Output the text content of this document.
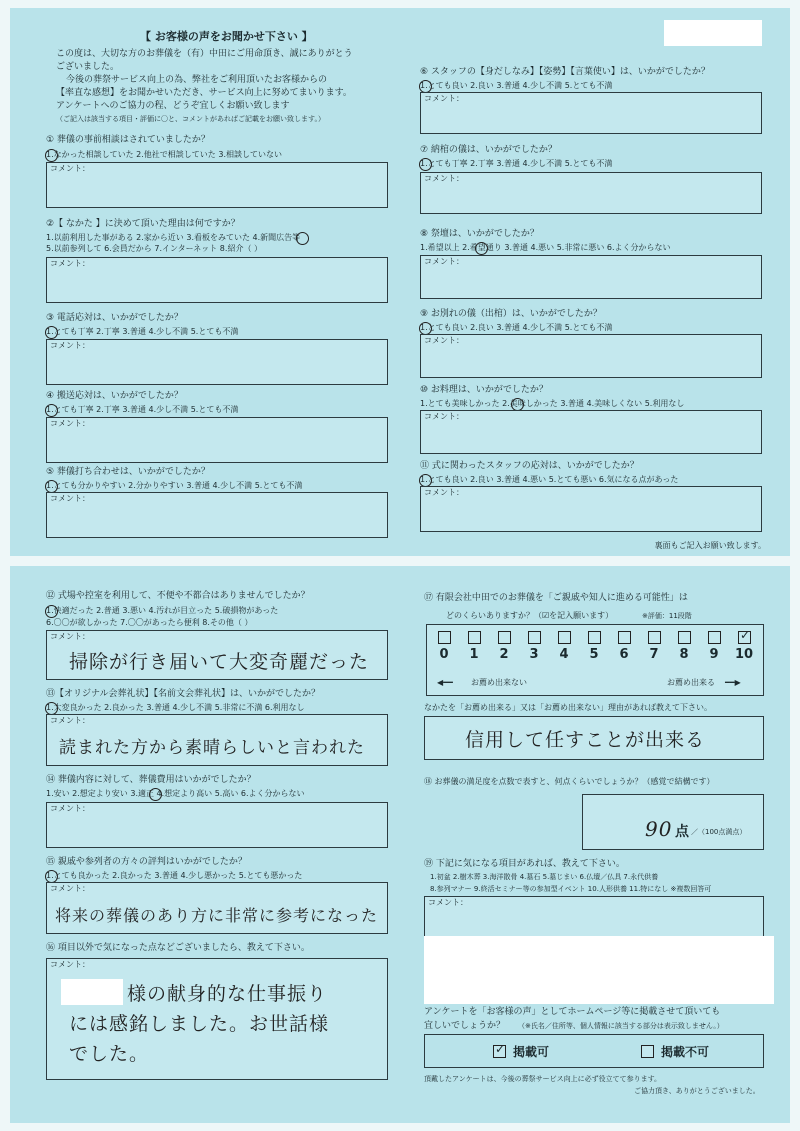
【 お客様の声をお聞かせ下さい 】
この度は、大切な方のお葬儀を（有）中田にご用命頂き、誠にありがとう
ございました。
今後の葬祭サービス向上の為、弊社をご利用頂いたお客様からの
【率直な感想】をお聞かせいただき、サービス向上に努めてまいります。
アンケートへのご協力の程、どうぞ宜しくお願い致します
（ご記入は該当する項目・評価に〇と、コメントがあればご記載をお願い致します。）
① 葬儀の事前相談はされていましたか？
1.なかった相談していた 2.他社で相談していた 3.相談していない
コメント：
②【 なかた 】に決めて頂いた理由は何ですか？
1.以前利用した事がある 2.家から近い 3.看板をみていた 4.新聞広告等
5.以前参列して 6.会員だから 7.インターネット 8.紹介（ ）
コメント：
③ 電話応対は、いかがでしたか？
1.とても丁寧 2.丁寧 3.普通 4.少し不満 5.とても不満
コメント：
④ 搬送応対は、いかがでしたか？
1.とても丁寧 2.丁寧 3.普通 4.少し不満 5.とても不満
コメント：
⑤ 葬儀打ち合わせは、いかがでしたか？
1.とても分かりやすい 2.分かりやすい 3.普通 4.少し不満 5.とても不満
コメント：
⑥ スタッフの【身だしなみ】【姿勢】【言葉使い】は、いかがでしたか？
1.とても良い 2.良い 3.普通 4.少し不満 5.とても不満
コメント：
⑦ 納棺の儀は、いかがでしたか？
1.とても丁寧 2.丁寧 3.普通 4.少し不満 5.とても不満
コメント：
⑧ 祭壇は、いかがでしたか？
1.希望以上 2.希望通り 3.普通 4.悪い 5.非常に悪い 6.よく分からない
コメント：
⑨ お別れの儀（出棺）は、いかがでしたか？
1.とても良い 2.良い 3.普通 4.少し不満 5.とても不満
コメント：
⑩ お料理は、いかがでしたか？
1.とても美味しかった 2.美味しかった 3.普通 4.美味しくない 5.利用なし
コメント：
⑪ 式に関わったスタッフの応対は、いかがでしたか？
1.とても良い 2.良い 3.普通 4.悪い 5.とても悪い 6.気になる点があった
コメント：
裏面もご記入お願い致します。
⑫ 式場や控室を利用して、不便や不都合はありませんでしたか？
1.快適だった 2.普通 3.悪い 4.汚れが目立った 5.破損物があった
6.〇〇が欲しかった 7.〇〇があったら便利 8.その他（ ）
コメント：
掃除が行き届いて大変奇麗だった
⑬【オリジナル会葬礼状】【名前文会葬礼状】は、いかがでしたか？
1.大変良かった 2.良かった 3.普通 4.少し不満 5.非常に不満 6.利用なし
コメント：
読まれた方から素晴らしいと言われた
⑭ 葬儀内容に対して、葬儀費用はいかがでしたか？
1.安い 2.想定より安い 3.適正 4.想定より高い 5.高い 6.よく分からない
コメント：
⑮ 親戚や参列者の方々の評判はいかがでしたか？
1.とても良かった 2.良かった 3.普通 4.少し悪かった 5.とても悪かった
コメント：
将来の葬儀のあり方に非常に参考になった
⑯ 項目以外で気になった点などございましたら、教えて下さい。
コメント：
様の献身的な仕事振り
には感銘しました。お世話様
でした。
⑰ 有限会社中田でのお葬儀を「ご親戚や知人に進める可能性」は
どのくらいありますか？（☑を記入願います）	※評価：11段階
0	1	2	3	4	5	6	7	8	9
✓
10
◀━━ お薦め出来ない	お薦め出来る ━━▶
なかたを「お薦め出来る」又は「お薦め出来ない」理由があれば教えて下さい。
信用して任すことが出来る
⑱ お葬儀の満足度を点数で表すと、何点くらいでしょうか？（感覚で結構です）
90 点 ／（100点満点）
⑲ 下記に気になる項目があれば、教えて下さい。
1.初盆 2.樹木葬 3.海洋散骨 4.墓石 5.墓じまい 6.仏壇／仏具 7.永代供養
8.参列マナー 9.終活セミナー等の参加型イベント 10.人形供養 11.特になし ※複数回答可
コメント：
アンケートを「お客様の声」としてホームページ等に掲載させて頂いても
宜しいでしょうか？ （※氏名／住所等、個人情報に該当する部分は表示致しません。）
✓ 掲載可	掲載不可
頂戴したアンケートは、今後の葬祭サービス向上に必ず役立てて参ります。
ご協力頂き、ありがとうございました。
